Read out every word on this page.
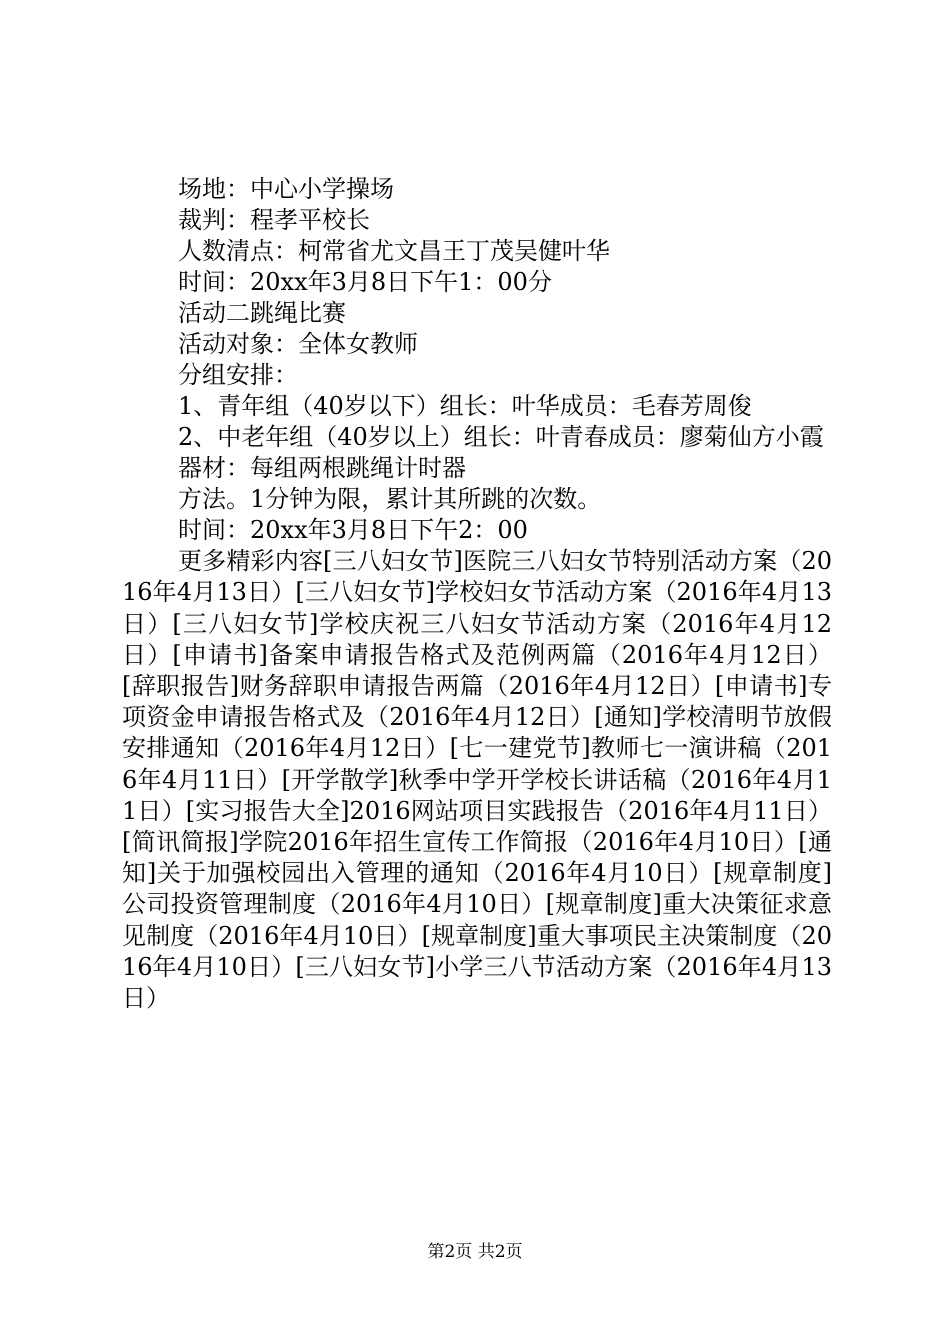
场地：中心小学操场
裁判：程孝平校长
人数清点：柯常省尤文昌王丁茂吴健叶华
时间：20xx年3月8日下午1：00分
活动二跳绳比赛
活动对象：全体女教师
分组安排：
1、青年组（40岁以下）组长：叶华成员：毛春芳周俊
2、中老年组（40岁以上）组长：叶青春成员：廖菊仙方小霞
器材：每组两根跳绳计时器
方法。1分钟为限，累计其所跳的次数。
时间：20xx年3月8日下午2：00
更多精彩内容[三八妇女节]医院三八妇女节特别活动方案（2016年4月13日）[三八妇女节]学校妇女节活动方案（2016年4月13日）[三八妇女节]学校庆祝三八妇女节活动方案（2016年4月12日）[申请书]备案申请报告格式及范例两篇（2016年4月12日）[辞职报告]财务辞职申请报告两篇（2016年4月12日）[申请书]专项资金申请报告格式及（2016年4月12日）[通知]学校清明节放假安排通知（2016年4月12日）[七一建党节]教师七一演讲稿（2016年4月11日）[开学散学]秋季中学开学校长讲话稿（2016年4月11日）[实习报告大全]2016网站项目实践报告（2016年4月11日）[简讯简报]学院2016年招生宣传工作简报（2016年4月10日）[通知]关于加强校园出入管理的通知（2016年4月10日）[规章制度]公司投资管理制度（2016年4月10日）[规章制度]重大决策征求意见制度（2016年4月10日）[规章制度]重大事项民主决策制度（2016年4月10日）[三八妇女节]小学三八节活动方案（2016年4月13日）
第2页 共2页
